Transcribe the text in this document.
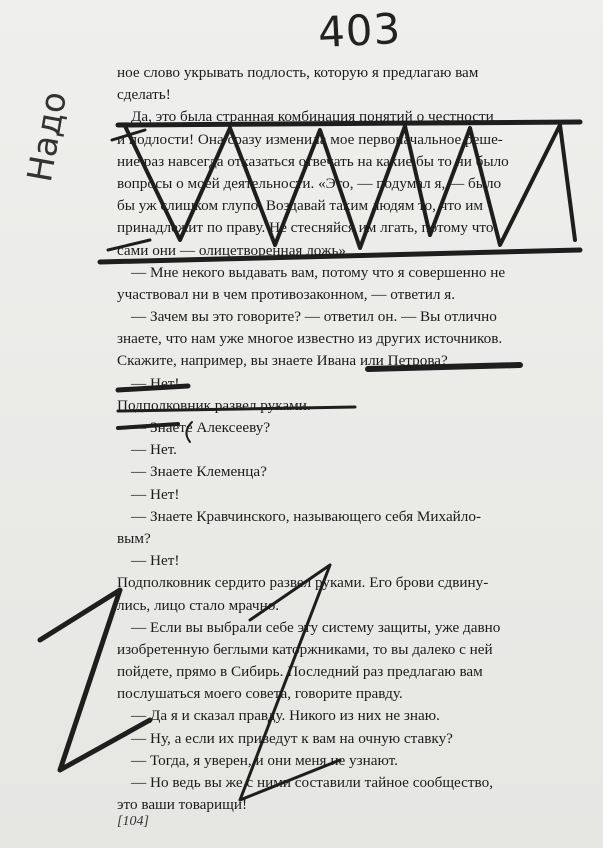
403
Надо
ное слово укрывать подлость, которую я предлагаю вам
сделать!
Да, это была странная комбинация понятий о честности
и подлости! Она сразу изменила мое первоначальное реше-
ние раз навсегда отказаться отвечать на какие бы то ни было
вопросы о моей деятельности. «Это, — подумал я, — было
бы уж слишком глупо. Воздавай таким людям то, что им
принадлежит по праву. Не стесняйся им лгать, потому что
сами они — олицетворенная ложь».
— Мне некого выдавать вам, потому что я совершенно не
участвовал ни в чем противозаконном, — ответил я.
— Зачем вы это говорите? — ответил он. — Вы отлично
знаете, что нам уже многое известно из других источников.
Скажите, например, вы знаете Ивана или Петрова?
— Нет!
Подполковник развел руками.
— Знаете Алексееву?
— Нет.
— Знаете Клеменца?
— Нет!
— Знаете Кравчинского, называющего себя Михайло-
вым?
— Нет!
Подполковник сердито развел руками. Его брови сдвину-
лись, лицо стало мрачно.
— Если вы выбрали себе эту систему защиты, уже давно
изобретенную беглыми каторжниками, то вы далеко с ней
пойдете, прямо в Сибирь. Последний раз предлагаю вам
послушаться моего совета, говорите правду.
— Да я и сказал правду. Никого из них не знаю.
— Ну, а если их приведут к вам на очную ставку?
— Тогда, я уверен, и они меня не узнают.
— Но ведь вы же с ними составили тайное сообщество,
это ваши товарищи!
[104]
